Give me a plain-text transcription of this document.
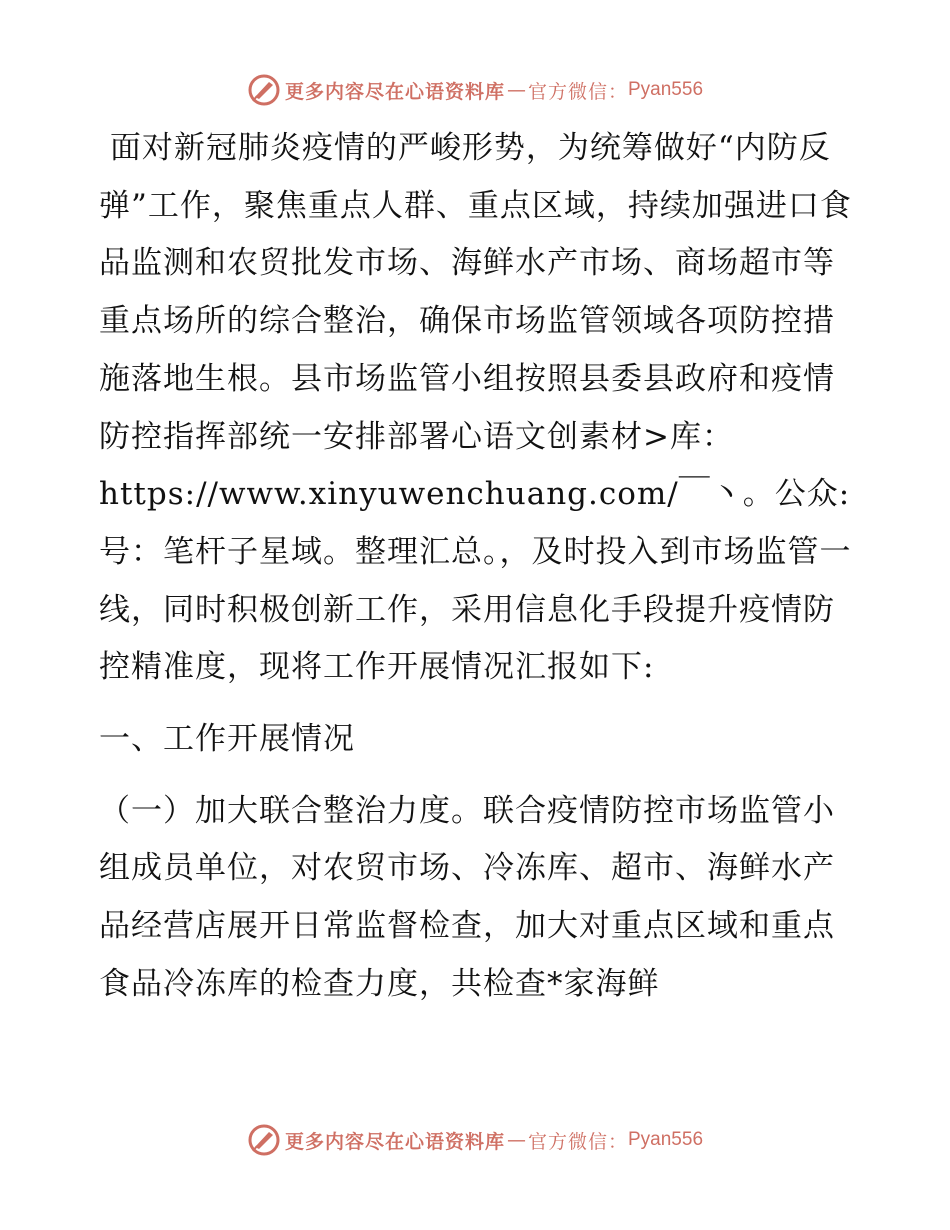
更多内容尽在心语资料库 — 官方微信： Pyan556

面对新冠肺炎疫情的严峻形势，为统筹做好“内防反弹”工作，聚焦重点人群、重点区域，持续加强进口食品监测和农贸批发市场、海鲜水产市场、商场超市等重点场所的综合整治，确保市场监管领域各项防控措施落地生根。县市场监管小组按照县委县政府和疫情防控指挥部统一安排部署心语文创素材>库：https://www.xinyuwenchuang.com/￣丶。公众:号：笔杆子星域。整理汇总。，及时投入到市场监管一线，同时积极创新工作，采用信息化手段提升疫情防控精准度，现将工作开展情况汇报如下:

一、工作开展情况

（一）加大联合整治力度。联合疫情防控市场监管小组成员单位，对农贸市场、冷冻库、超市、海鲜水产品经营店展开日常监督检查，加大对重点区域和重点食品冷冻库的检查力度，共检查*家海鲜

更多内容尽在心语资料库 — 官方微信： Pyan556
